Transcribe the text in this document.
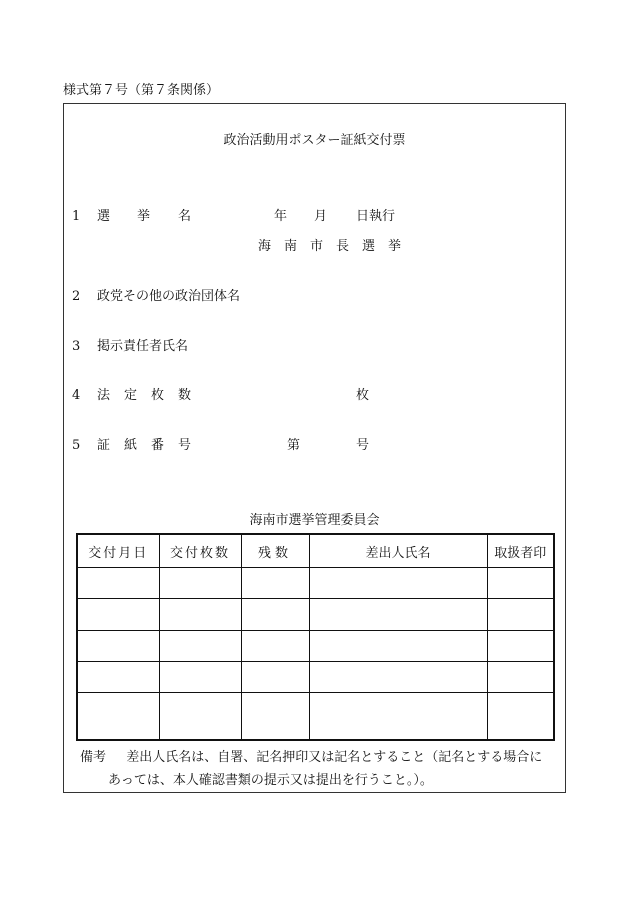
様式第７号（第７条関係）
政治活動用ポスター証紙交付票
1 選 挙 名	年 月 日執行
海 南 市 長 選 挙
2 政党その他の政治団体名
3 掲示責任者氏名
4 法 定 枚 数	枚
5 証 紙 番 号	第	号
海南市選挙管理委員会
交付月日	交付枚数	残数	差出人氏名	取扱者印

備考 差出人氏名は、自署、記名押印又は記名とすること（記名とする場合に
あっては、本人確認書類の提示又は提出を行うこと。）。
